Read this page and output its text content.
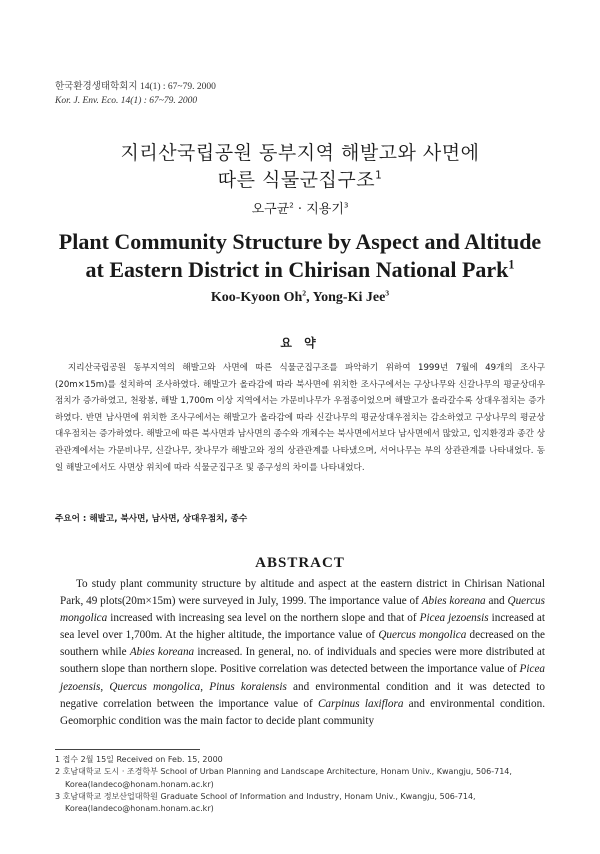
한국환경생태학회지 14(1) : 67~79. 2000
Kor. J. Env. Eco. 14(1) : 67~79. 2000
지리산국립공원 동부지역 해발고와 사면에
따른 식물군집구조$^1$
오구균$^2$ · 지용기$^3$
Plant Community Structure by Aspect and Altitude
at Eastern District in Chirisan National Park$^1$
Koo-Kyoon Oh$^2$, Yong-Ki Jee$^3$
요 약
지리산국립공원 동부지역의 해발고와 사면에 따른 식물군집구조를 파악하기 위하여 1999년 7월에 49개의 조사구(20m×15m)를 설치하여 조사하였다. 해발고가 올라감에 따라 북사면에 위치한 조사구에서는 구상나무와 신갈나무의 평균상대우점치가 증가하였고, 천왕봉, 해발 1,700m 이상 지역에서는 가문비나무가 우점종이었으며 해발고가 올라갈수록 상대우점치는 증가하였다. 반면 남사면에 위치한 조사구에서는 해발고가 올라감에 따라 신갈나무의 평균상대우점치는 감소하였고 구상나무의 평균상대우점치는 증가하였다. 해발고에 따른 북사면과 남사면의 종수와 개체수는 북사면에서보다 남사면에서 많았고, 입지환경과 종간 상관관계에서는 가문비나무, 신갈나무, 잣나무가 해발고와 정의 상관관계를 나타냈으며, 서어나무는 부의 상관관계를 나타내었다. 동일 해발고에서도 사면상 위치에 따라 식물군집구조 및 종구성의 차이를 나타내었다.
주요어 : 해발고, 북사면, 남사면, 상대우점치, 종수
ABSTRACT
To study plant community structure by altitude and aspect at the eastern district in Chirisan National Park, 49 plots(20m×15m) were surveyed in July, 1999. The importance value of Abies koreana and Quercus mongolica increased with increasing sea level on the northern slope and that of Picea jezoensis increased at sea level over 1,700m. At the higher altitude, the importance value of Quercus mongolica decreased on the southern while Abies koreana increased. In general, no. of individuals and species were more distributed at southern slope than northern slope. Positive correlation was detected between the importance value of Picea jezoensis, Quercus mongolica, Pinus koraiensis and environmental condition and it was detected to negative correlation between the importance value of Carpinus laxiflora and environmental condition. Geomorphic condition was the main factor to decide plant community
1 접수 2월 15일 Received on Feb. 15, 2000
2 호남대학교 도시 · 조경학부 School of Urban Planning and Landscape Architecture, Honam Univ., Kwangju, 506-714, Korea(landeco@honam.honam.ac.kr)
3 호남대학교 정보산업대학원 Graduate School of Information and Industry, Honam Univ., Kwangju, 506-714, Korea(landeco@honam.honam.ac.kr)
